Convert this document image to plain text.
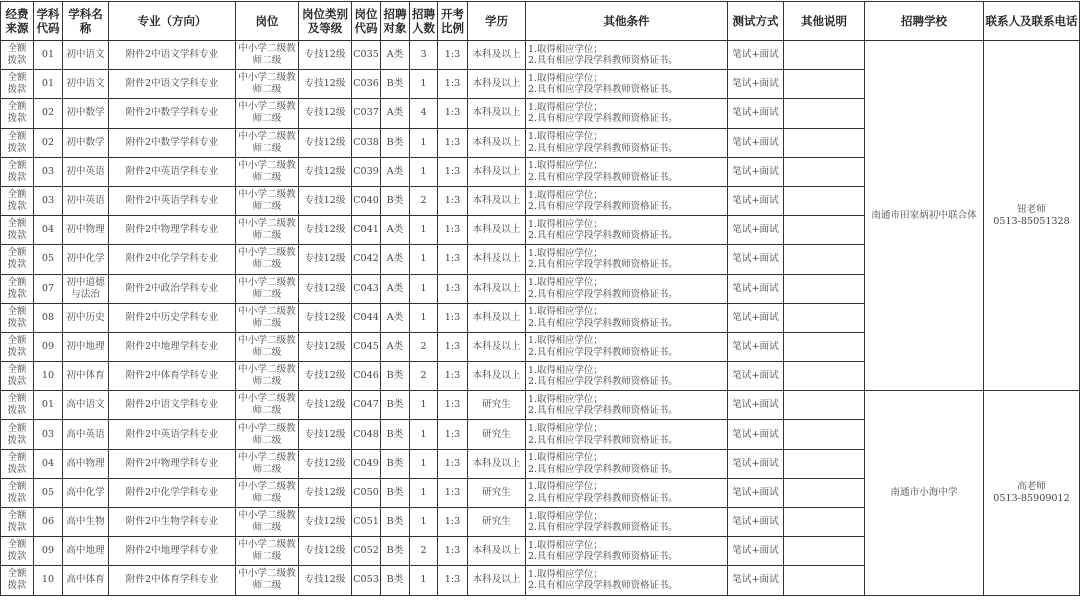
经费
来源	学科
代码	学科名
称	专业（方向）	岗位	岗位类别
及等级	岗位
代码	招聘
对象	招聘
人数	开考
比例	学历	其他条件	测试方式	其他说明	招聘学校	联系人及联系电话

全额
拨款	01	初中语文	附件2中语文学科专业	中小学二级教
师二级	专技12级	C035	A类	3	1:3	本科及以上	1.取得相应学位；
2.具有相应学段学科教师资格证书。	笔试+面试		南通市田家炳初中联合体	钮老师
0513-85051328

全额
拨款	01	初中语文	附件2中语文学科专业	中小学二级教
师二级	专技12级	C036	B类	1	1:3	本科及以上	1.取得相应学位；
2.具有相应学段学科教师资格证书。	笔试+面试			

全额
拨款	02	初中数学	附件2中数学学科专业	中小学二级教
师二级	专技12级	C037	A类	4	1:3	本科及以上	1.取得相应学位；
2.具有相应学段学科教师资格证书。	笔试+面试			

全额
拨款	02	初中数学	附件2中数学学科专业	中小学二级教
师二级	专技12级	C038	B类	1	1:3	本科及以上	1.取得相应学位；
2.具有相应学段学科教师资格证书。	笔试+面试			

全额
拨款	03	初中英语	附件2中英语学科专业	中小学二级教
师二级	专技12级	C039	A类	1	1:3	本科及以上	1.取得相应学位；
2.具有相应学段学科教师资格证书。	笔试+面试			

全额
拨款	03	初中英语	附件2中英语学科专业	中小学二级教
师二级	专技12级	C040	B类	2	1:3	本科及以上	1.取得相应学位；
2.具有相应学段学科教师资格证书。	笔试+面试			

全额
拨款	04	初中物理	附件2中物理学科专业	中小学二级教
师二级	专技12级	C041	A类	1	1:3	本科及以上	1.取得相应学位；
2.具有相应学段学科教师资格证书。	笔试+面试			

全额
拨款	05	初中化学	附件2中化学学科专业	中小学二级教
师二级	专技12级	C042	A类	1	1:3	本科及以上	1.取得相应学位；
2.具有相应学段学科教师资格证书。	笔试+面试			

全额
拨款	07	初中道德
与法治	附件2中政治学科专业	中小学二级教
师二级	专技12级	C043	A类	1	1:3	本科及以上	1.取得相应学位；
2.具有相应学段学科教师资格证书。	笔试+面试			

全额
拨款	08	初中历史	附件2中历史学科专业	中小学二级教
师二级	专技12级	C044	A类	1	1:3	本科及以上	1.取得相应学位；
2.具有相应学段学科教师资格证书。	笔试+面试			

全额
拨款	09	初中地理	附件2中地理学科专业	中小学二级教
师二级	专技12级	C045	A类	2	1:3	本科及以上	1.取得相应学位；
2.具有相应学段学科教师资格证书。	笔试+面试			

全额
拨款	10	初中体育	附件2中体育学科专业	中小学二级教
师二级	专技12级	C046	B类	2	1:3	本科及以上	1.取得相应学位；
2.具有相应学段学科教师资格证书。	笔试+面试			

全额
拨款	01	高中语文	附件2中语文学科专业	中小学二级教
师二级	专技12级	C047	B类	1	1:3	研究生	1.取得相应学位；
2.具有相应学段学科教师资格证书。	笔试+面试		南通市小海中学	高老师
0513-85909012

全额
拨款	03	高中英语	附件2中英语学科专业	中小学二级教
师二级	专技12级	C048	B类	1	1:3	研究生	1.取得相应学位；
2.具有相应学段学科教师资格证书。	笔试+面试			

全额
拨款	04	高中物理	附件2中物理学科专业	中小学二级教
师二级	专技12级	C049	B类	1	1:3	本科及以上	1.取得相应学位；
2.具有相应学段学科教师资格证书。	笔试+面试			

全额
拨款	05	高中化学	附件2中化学学科专业	中小学二级教
师二级	专技12级	C050	B类	1	1:3	研究生	1.取得相应学位；
2.具有相应学段学科教师资格证书。	笔试+面试			

全额
拨款	06	高中生物	附件2中生物学科专业	中小学二级教
师二级	专技12级	C051	B类	1	1:3	研究生	1.取得相应学位；
2.具有相应学段学科教师资格证书。	笔试+面试			

全额
拨款	09	高中地理	附件2中地理学科专业	中小学二级教
师二级	专技12级	C052	B类	2	1:3	本科及以上	1.取得相应学位；
2.具有相应学段学科教师资格证书。	笔试+面试			

全额
拨款	10	高中体育	附件2中体育学科专业	中小学二级教
师二级	专技12级	C053	B类	1	1:3	本科及以上	1.取得相应学位；
2.具有相应学段学科教师资格证书。	笔试+面试			
